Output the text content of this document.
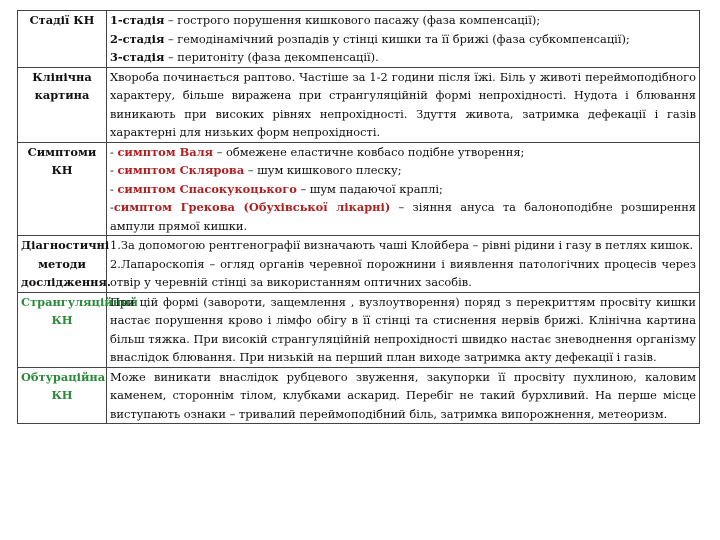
Стадії КН	1-стадія – гострого порушення кишкового пасажу (фаза компенсації);
2-стадія – гемодінамічний розпадів у стінці кишки та її брижі (фаза субкомпенсації);
3-стадія – перитоніту (фаза декомпенсації).

Клінічна картина	Хвороба починається раптово. Частіше за 1-2 години після їжі. Біль у животі переймоподібного характеру, більше виражена при странгуляційній формі непрохідності. Нудота і блювання виникають при високих рівнях непрохідності. Здуття живота, затримка дефекації і газів характерні для низьких форм непрохідності.
Симптоми КН	- симптом Валя – обмежене еластичне ковбасо подібне утворення;
- симптом Склярова – шум кишкового плеску;
- симптом Спасокукоцького – шум падаючої краплі;
-симптом Грекова (Обухівської лікарні) – зіяння ануса та балоноподібне розширення ампули прямої кишки.

Діагностичні методи дослідження.	1.За допомогою рентгенографії визначають чаші Клойбера – рівні рідини і газу в петлях кишок.
2.Лапароскопія – огляд органів черевної порожнини і виявлення патологічних процесів через отвір у черевній стінці за використанням оптичних засобів.

Странгуляційний КН	При цій формі (завороти, защемлення , вузлоутворення) поряд з перекриттям просвіту кишки настає порушення крово і лімфо обігу в її стінці та стиснення нервів брижі. Клінічна картина більш тяжка. При високій странгуляційній непрохідності швидко настає зневоднення організму внаслідок блювання. При низькій на перший план виходе затримка акту дефекації і газів.
Обтураційна КН	Може виникати внаслідок рубцевого звуження, закупорки її просвіту пухлиною, каловим каменем, стороннім тілом, клубками аскарид. Перебіг не такий бурхливий. На перше місце виступають ознаки – тривалий переймоподібний біль, затримка випорожнення, метеоризм.
